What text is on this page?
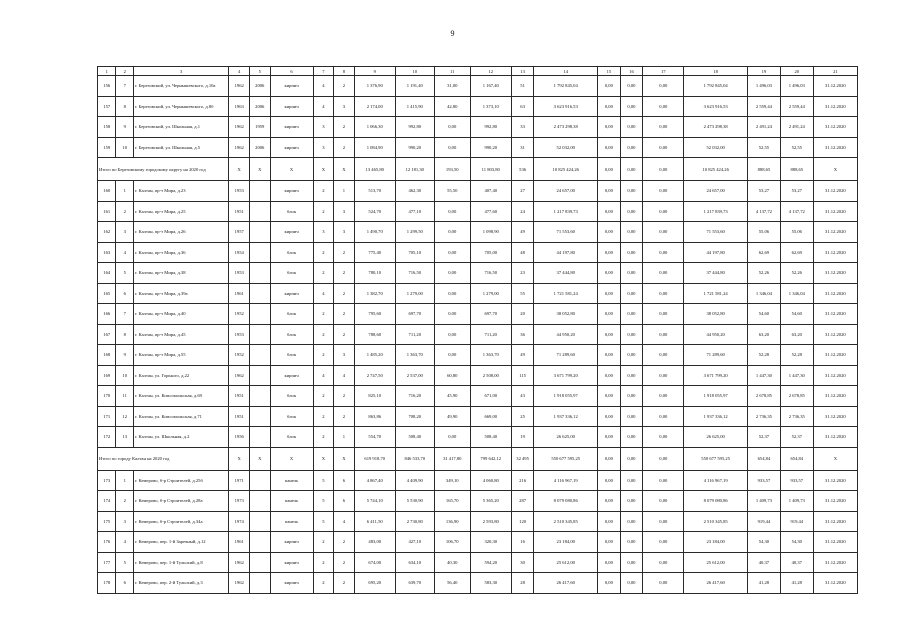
9
1	2	3	4	5	6	7	8	9	10	11	12	13	14	15	16	17	18	19	20	21
156	7	г. Березовский, ул. Чернышевского, д.10а	1962	2006	кирпич	4	2	1 376,90	1 191,40	31,00	1 167,40	51	1 792 845,04	0,00	0,00	0,00	1 792 845,04	1 496,03	1 496,03	31.12.2020
157	8	г. Березовский, ул. Чернышевского, д.8б	1963	2006	кирпич	4	3	2 174,00	1 415,90	42,80	1 373,10	63	3 623 916,53	0,00	0,00	0,00	3 623 916,53	2 559,44	2 559,44	31.12.2020
158	9	г. Березовский, ул. Школьная, д.1	1962	1959	кирпич	3	2	1 066,30	992,80	0,00	992,80	33	2 473 298,38	0,00	0,00	0,00	2 473 298,38	2 491,24	2 491,24	31.12.2020
159	10	г. Березовский, ул. Школьная, д.5	1962	2006	кирпич	3	2	1 084,90	990,20	0,00	990,20	31	52 032,00	0,00	0,00	0,00	52 032,00	52,55	52,55	31.12.2020
Итого по Березовскому городскому округу на 2020 год			X	X	X	X	X	13 465,80	12 181,30	193,50	11 803,80	536	10 825 424,26	0,00	0,00	0,00	10 825 424,26	888,65	888,65	X
160	1	г. Калтан, пр-т Мира, д.23	1953		кирпич	2	1	513,70	462,30	55,50	407,40	27	24 657,00	0,00	0,00	0,00	24 657,00	53,27	53,27	31.12.2020
161	2	г. Калтан, пр-т Мира, д.25	1951		блок	2	3	524,70	477,10	0,00	477,60	24	1 217 839,73	0,00	0,00	0,00	1 217 839,73	4 137,72	4 137,72	31.12.2020
162	3	г. Калтан, пр-т Мира, д.26	1957		кирпич	3	3	1 490,70	1 299,50	0,00	1 098,90	49	71 553,60	0,00	0,00	0,00	71 553,60	55,06	55,06	31.12.2020
163	4	г. Калтан, пр-т Мира, д.36	1954		блок	2	2	775,40	705,10	0,00	705,00	48	44 197,80	0,00	0,00	0,00	44 197,80	62,69	62,69	31.12.2020
164	5	г. Калтан, пр-т Мира, д.38	1953		блок	2	2	780,10	716,50	0,00	716,50	23	37 444,80	0,00	0,00	0,00	37 444,80	52,26	52,26	31.12.2020
165	6	г. Калтан, пр-т Мира, д.39а	1961		кирпич	4	2	1 382,70	1 279,00	0,00	1 279,00	55	1 721 581,24	0,00	0,00	0,00	1 721 581,24	1 346,04	1 346,04	31.12.2020
166	7	г. Калтан, пр-т Мира, д.40	1952		блок	2	2	795,60	697,70	0,00	697,70	20	38 052,80	0,00	0,00	0,00	38 052,80	54,60	54,60	31.12.2020
167	8	г. Калтан, пр-т Мира, д.45	1953		блок	2	2	788,60	711,20	0,00	711,20	36	44 950,20	0,00	0,00	0,00	44 950,20	63,20	63,20	31.12.2020
168	9	г. Калтан, пр-т Мира, д.55	1952		блок	2	3	1 485,20	1 363,70	0,00	1 363,70	49	71 289,60	0,00	0,00	0,00	71 289,60	52,28	52,28	31.12.2020
169	10	г. Калтан, ул. Горького, д.22	1962		кирпич	4	4	2 747,50	2 537,00	60,80	2 508,00	115	3 671 799,20	0,00	0,00	0,00	3 671 799,20	1 447,30	1 447,30	31.12.2020
170	11	г. Калтан, ул. Комсомольская, д.69	1951		блок	2	2	825,10	716,20	45,90	671,00	43	1 918 055,97	0,00	0,00	0,00	1 918 055,97	2 678,85	2 678,85	31.12.2020
171	12	г. Калтан, ул. Комсомольская, д.71	1951		блок	2	2	863,86	708,20	49,90	669,00	25	1 937 336,12	0,00	0,00	0,00	1 937 336,12	2 736,35	2 736,35	31.12.2020
172	13	г. Калтан, ул. Школьная, д.2	1956		блок	2	1	554,70	508,40	0,00	508,40	19	26 625,00	0,00	0,00	0,00	26 625,00	52,37	52,37	31.12.2020
Итого по городу Калтан на 2020 год			X	X	X	X	X	619 918,70	846 533,70	31 417,80	799 642,12	32 495	550 677 595,25	0,00	0,00	0,00	550 677 595,25	654,84	654,84	X
173	1	г. Кемерово, б-р Строителей, д.25б	1971		панель	5	6	4 867,40	4 409,90	349,10	4 060,80	216	4 116 967,19	0,00	0,00	0,00	4 116 967,19	933,57	933,57	31.12.2020
174	2	г. Кемерово, б-р Строителей, д.28а	1973		панель	5	6	5 744,10	5 530,90	165,70	5 365,20	287	8 079 080,86	0,00	0,00	0,00	8 079 080,86	1 409,73	1 409,73	31.12.2020
175	3	г. Кемерово, б-р Строителей, д.34а	1974		панель	5	4	6 411,50	2 730,80	136,90	2 593,80	120	2 510 345,85	0,00	0,00	0,00	2 510 345,85	919,44	919,44	31.12.2020
176	4	г. Кемерово, пер. 1-й Заречный, д.12	1961		кирпич	2	2	483,00	427,10	106,70	320,30	16	23 184,00	0,00	0,00	0,00	23 184,00	54,30	54,30	31.12.2020
177	5	г. Кемерово, пер. 1-й Тульский, д.8	1962		кирпич	2	2	674,00	634,10	40,30	594,20	30	25 612,00	0,00	0,00	0,00	25 612,00	40,37	40,37	31.12.2020
178	6	г. Кемерово, пер. 2-й Тульский, д.3	1962		кирпич	2	2	695,20	639,70	56,40	583,30	28	26 417,60	0,00	0,00	0,00	26 417,60	41,28	41,28	31.12.2020
